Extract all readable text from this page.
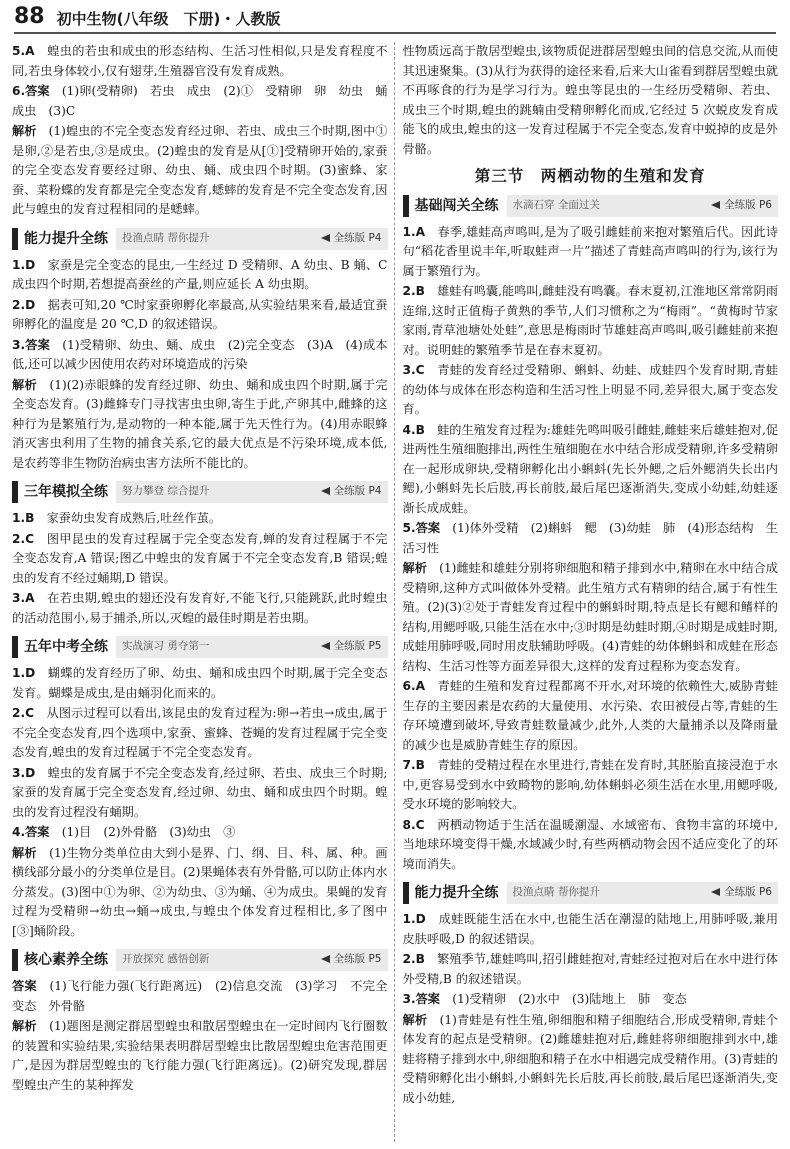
88 初中生物(八年级　下册)・人教版
5.A　 蝗虫的若虫和成虫的形态结构、生活习性相似,只是发育程度不同,若虫身体较小,仅有翅芽,生殖器官没有发育成熟。
6.答案　 (1)卵(受精卵)　若虫　成虫　(2)①　受精卵　卵　幼虫　蛹　成虫　(3)C
解析　 (1)蝗虫的不完全变态发育经过卵、若虫、成虫三个时期,图中①是卵,②是若虫,③是成虫。(2)蝗虫的发育是从[①]受精卵开始的,家蚕的完全变态发育要经过卵、幼虫、蛹、成虫四个时期。(3)蜜蜂、家蚕、菜粉蝶的发育都是完全变态发育,蟋蟀的发育是不完全变态发育,因此与蝗虫的发育过程相同的是蟋蟀。
能力提升全练	投渔点睛 帮你提升	全练版 P4
1.D　 家蚕是完全变态的昆虫,一生经过 D 受精卵、A 幼虫、B 蛹、C 成虫四个时期,若想提高蚕丝的产量,则应延长 A 幼虫期。
2.D　 据表可知,20 ℃时家蚕卵孵化率最高,从实验结果来看,最适宜蚕卵孵化的温度是 20 ℃,D 的叙述错误。
3.答案　 (1)受精卵、幼虫、蛹、成虫　(2)完全变态　(3)A　(4)成本低,还可以减少因使用农药对环境造成的污染
解析　 (1)(2)赤眼蜂的发育经过卵、幼虫、蛹和成虫四个时期,属于完全变态发育。(3)雌蜂专门寻找害虫虫卵,寄生于此,产卵其中,雌蜂的这种行为是繁殖行为,是动物的一种本能,属于先天性行为。(4)用赤眼蜂消灭害虫利用了生物的捕食关系,它的最大优点是不污染环境,成本低,是农药等非生物防治病虫害方法所不能比的。
三年模拟全练	努力攀登 综合提升	全练版 P4
1.B　 家蚕幼虫发育成熟后,吐丝作茧。
2.C　 图甲昆虫的发育过程属于完全变态发育,蝉的发育过程属于不完全变态发育,A 错误;图乙中蝗虫的发育属于不完全变态发育,B 错误;蝗虫的发育不经过蛹期,D 错误。
3.A　 在若虫期,蝗虫的翅还没有发育好,不能飞行,只能跳跃,此时蝗虫的活动范围小,易于捕杀,所以,灭蝗的最佳时期是若虫期。
五年中考全练	实战演习 勇夺第一	全练版 P5
1.D　 蝴蝶的发育经历了卵、幼虫、蛹和成虫四个时期,属于完全变态发育。蝴蝶是成虫,是由蛹羽化而来的。
2.C　 从图示过程可以看出,该昆虫的发育过程为:卵→若虫→成虫,属于不完全变态发育,四个选项中,家蚕、蜜蜂、苍蝇的发育过程属于完全变态发育,蝗虫的发育过程属于不完全变态发育。
3.D　 蝗虫的发育属于不完全变态发育,经过卵、若虫、成虫三个时期;家蚕的发育属于完全变态发育,经过卵、幼虫、蛹和成虫四个时期。蝗虫的发育过程没有蛹期。
4.答案　 (1)目　(2)外骨骼　(3)幼虫　③
解析　 (1)生物分类单位由大到小是界、门、纲、目、科、属、种。画横线部分最小的分类单位是目。(2)果蝇体表有外骨骼,可以防止体内水分蒸发。(3)图中①为卵、②为幼虫、③为蛹、④为成虫。果蝇的发育过程为受精卵→幼虫→蛹→成虫,与蝗虫个体发育过程相比,多了图中[③]蛹阶段。
核心素养全练	开放探究 感悟创新	全练版 P5
答案　 (1)飞行能力强(飞行距离远)　(2)信息交流　(3)学习　不完全变态　外骨骼
解析　 (1)题图是测定群居型蝗虫和散居型蝗虫在一定时间内飞行圈数的装置和实验结果,实验结果表明群居型蝗虫比散居型蝗虫危害范围更广,是因为群居型蝗虫的飞行能力强(飞行距离远)。(2)研究发现,群居型蝗虫产生的某种挥发
性物质远高于散居型蝗虫,该物质促进群居型蝗虫间的信息交流,从而使其迅速聚集。(3)从行为获得的途径来看,后来大山雀看到群居型蝗虫就不再啄食的行为是学习行为。蝗虫等昆虫的一生经历受精卵、若虫、成虫三个时期,蝗虫的跳蝻由受精卵孵化而成,它经过 5 次蜕皮发育成能飞的成虫,蝗虫的这一发育过程属于不完全变态,发育中蜕掉的皮是外骨骼。
第三节　两栖动物的生殖和发育
基础闯关全练	水滴石穿 全面过关	全练版 P6
1.A　 春季,雄蛙高声鸣叫,是为了吸引雌蛙前来抱对繁殖后代。因此诗句“稻花香里说丰年,听取蛙声一片”描述了青蛙高声鸣叫的行为,该行为属于繁殖行为。
2.B　 雄蛙有鸣囊,能鸣叫,雌蛙没有鸣囊。春末夏初,江淮地区常常阴雨连绵,这时正值梅子黄熟的季节,人们习惯称之为“梅雨”。“黄梅时节家家雨,青草池塘处处蛙”,意思是梅雨时节雄蛙高声鸣叫,吸引雌蛙前来抱对。说明蛙的繁殖季节是在春末夏初。
3.C　 青蛙的发育经过受精卵、蝌蚪、幼蛙、成蛙四个发育时期,青蛙的幼体与成体在形态构造和生活习性上明显不同,差异很大,属于变态发育。
4.B　 蛙的生殖发育过程为:雄蛙先鸣叫吸引雌蛙,雌蛙来后雄蛙抱对,促进两性生殖细胞排出,两性生殖细胞在水中结合形成受精卵,许多受精卵在一起形成卵块,受精卵孵化出小蝌蚪(先长外鳃,之后外鳃消失长出内鳃),小蝌蚪先长后肢,再长前肢,最后尾巴逐渐消失,变成小幼蛙,幼蛙逐渐长成成蛙。
5.答案　 (1)体外受精　(2)蝌蚪　鳃　(3)幼蛙　肺　(4)形态结构　生活习性
解析　 (1)雌蛙和雄蛙分别将卵细胞和精子排到水中,精卵在水中结合成受精卵,这种方式叫做体外受精。此生殖方式有精卵的结合,属于有性生殖。(2)(3)②处于青蛙发育过程中的蝌蚪时期,特点是长有鳃和鳍样的结构,用鳃呼吸,只能生活在水中;③时期是幼蛙时期,④时期是成蛙时期,成蛙用肺呼吸,同时用皮肤辅助呼吸。(4)青蛙的幼体蝌蚪和成蛙在形态结构、生活习性等方面差异很大,这样的发育过程称为变态发育。
6.A　 青蛙的生殖和发育过程都离不开水,对环境的依赖性大,威胁青蛙生存的主要因素是农药的大量使用、水污染、农田被侵占等,青蛙的生存环境遭到破坏,导致青蛙数量减少,此外,人类的大量捕杀以及降雨量的减少也是威胁青蛙生存的原因。
7.B　 青蛙的受精过程在水里进行,青蛙在发育时,其胚胎直接浸泡于水中,更容易受到水中致畸物的影响,幼体蝌蚪必须生活在水里,用鳃呼吸,受水环境的影响较大。
8.C　 两栖动物适于生活在温暖潮湿、水域密布、食物丰富的环境中,当地球环境变得干燥,水域减少时,有些两栖动物会因不适应变化了的环境而消失。
能力提升全练	投渔点睛 帮你提升	全练版 P6
1.D　 成蛙既能生活在水中,也能生活在潮湿的陆地上,用肺呼吸,兼用皮肤呼吸,D 的叙述错误。
2.B　 繁殖季节,雄蛙鸣叫,招引雌蛙抱对,青蛙经过抱对后在水中进行体外受精,B 的叙述错误。
3.答案　 (1)受精卵　(2)水中　(3)陆地上　肺　变态
解析　 (1)青蛙是有性生殖,卵细胞和精子细胞结合,形成受精卵,青蛙个体发育的起点是受精卵。(2)雌雄蛙抱对后,雌蛙将卵细胞排到水中,雄蛙将精子排到水中,卵细胞和精子在水中相遇完成受精作用。(3)青蛙的受精卵孵化出小蝌蚪,小蝌蚪先长后肢,再长前肢,最后尾巴逐渐消失,变成小幼蛙,
